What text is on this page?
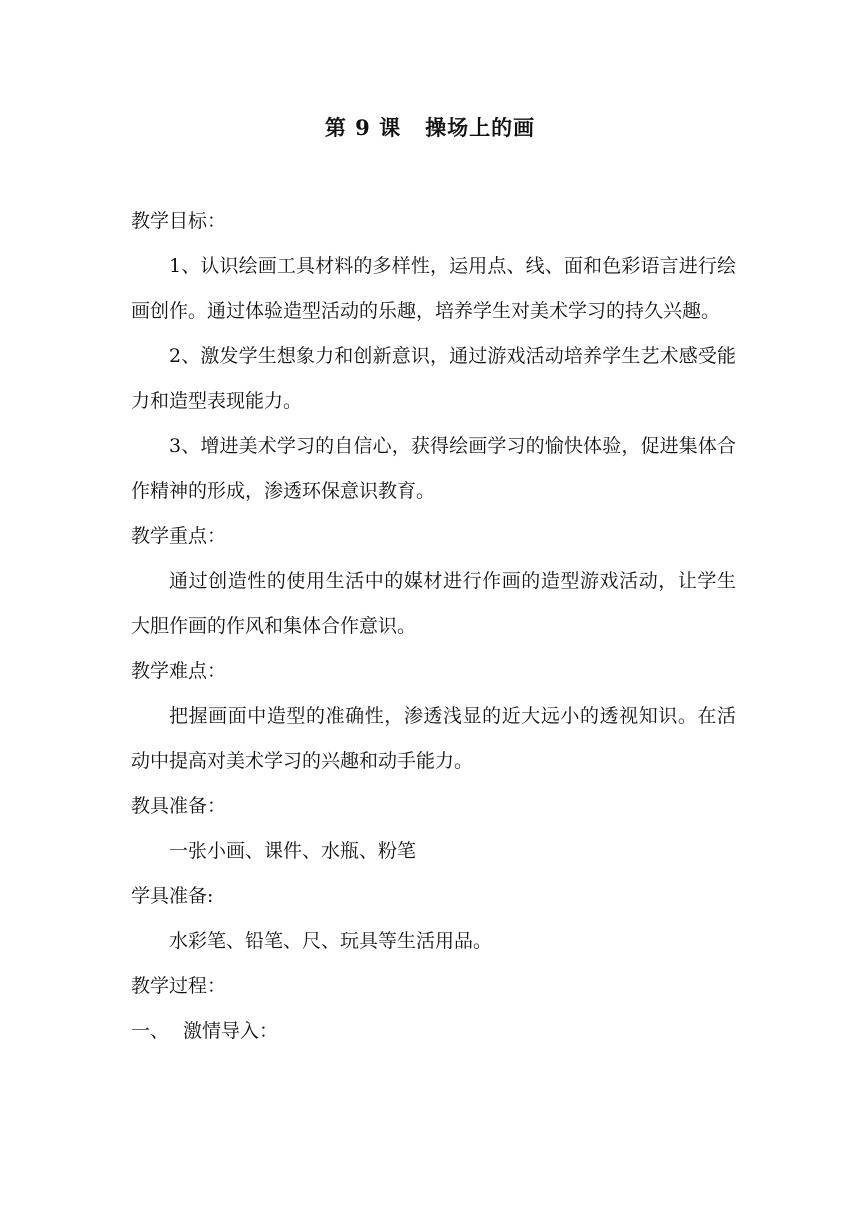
第 9 课 操场上的画

教学目标：

1、认识绘画工具材料的多样性，运用点、线、面和色彩语言进行绘画创作。通过体验造型活动的乐趣，培养学生对美术学习的持久兴趣。

2、激发学生想象力和创新意识，通过游戏活动培养学生艺术感受能力和造型表现能力。

3、增进美术学习的自信心，获得绘画学习的愉快体验，促进集体合作精神的形成，渗透环保意识教育。

教学重点：

通过创造性的使用生活中的媒材进行作画的造型游戏活动，让学生大胆作画的作风和集体合作意识。

教学难点：

把握画面中造型的准确性，渗透浅显的近大远小的透视知识。在活动中提高对美术学习的兴趣和动手能力。

教具准备：

一张小画、课件、水瓶、粉笔

学具准备:

水彩笔、铅笔、尺、玩具等生活用品。

教学过程：

一、 激情导入：
